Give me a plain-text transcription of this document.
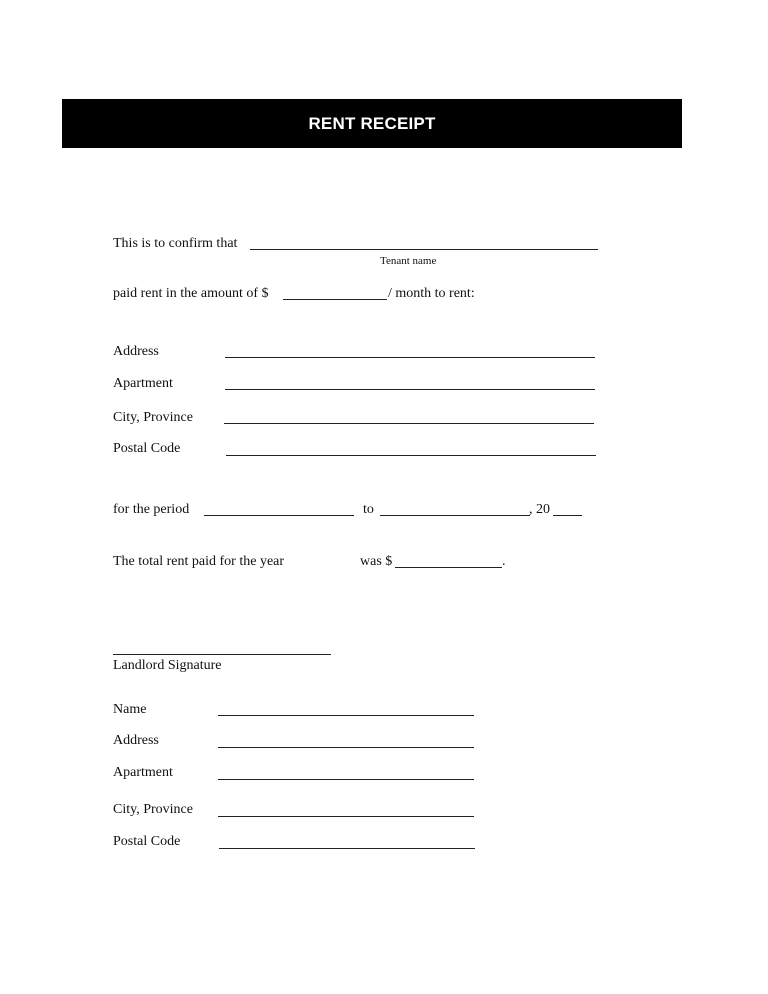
RENT RECEIPT
This is to confirm that
Tenant name
paid rent in the amount of $	/ month to rent:
Address
Apartment
City, Province
Postal Code
for the period	to	, 20
The total rent paid for the year	was $	.
Landlord Signature
Name
Address
Apartment
City, Province
Postal Code
